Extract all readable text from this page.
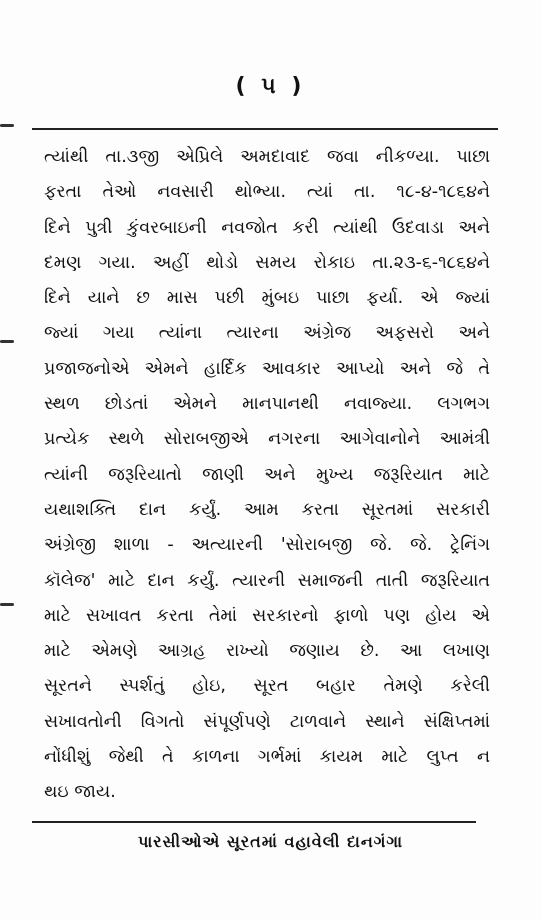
( ૫ )
ત્યાંથી તા.૩જી એપ્રિલે અમદાવાદ જવા નીકળ્યા. પાછા
ફરતા તેઓ નવસારી થોભ્યા. ત્યાં તા. ૧૮-૪-૧૮૬૪ને
દિને પુત્રી કુંવરબાઇની નવજોત કરી ત્યાંથી ઉદવાડા અને
દમણ ગયા. અહીં થોડો સમય રોકાઇ તા.૨૩-૬-૧૮૬૪ને
દિને યાને છ માસ પછી મુંબઇ પાછા ફર્યા. એ જ્યાં
જ્યાં ગયા ત્યાંના ત્યારના અંગ્રેજ અફસરો અને
પ્રજાજનોએ એમને હાર્દિક આવકાર આપ્યો અને જે તે
સ્થળ છોડતાં એમને માનપાનથી નવાજ્યા. લગભગ
પ્રત્યેક સ્થળે સોરાબજીએ નગરના આગેવાનોને આમંત્રી
ત્યાંની જરૂરિયાતો જાણી અને મુખ્ય જરૂરિયાત માટે
યથાશક્તિ દાન કર્યું. આમ કરતા સૂરતમાં સરકારી
અંગ્રેજી શાળા - અત્યારની 'સોરાબજી જે. જે. ટ્રેનિંગ
કૉલેજ' માટે દાન કર્યું. ત્યારની સમાજની તાતી જરૂરિયાત
માટે સખાવત કરતા તેમાં સરકારનો ફાળો પણ હોય એ
માટે એમણે આગ્રહ રાખ્યો જણાય છે. આ લખાણ
સૂરતને સ્પર્શતું હોઇ, સૂરત બહાર તેમણે કરેલી
સખાવતોની વિગતો સંપૂર્ણપણે ટાળવાને સ્થાને સંક્ષિપ્તમાં
નોંધીશું જેથી તે કાળના ગર્ભમાં કાયમ માટે લુપ્ત ન
થઇ જાય.
પારસીઓએ સૂરતમાં વહાવેલી દાનગંગા
